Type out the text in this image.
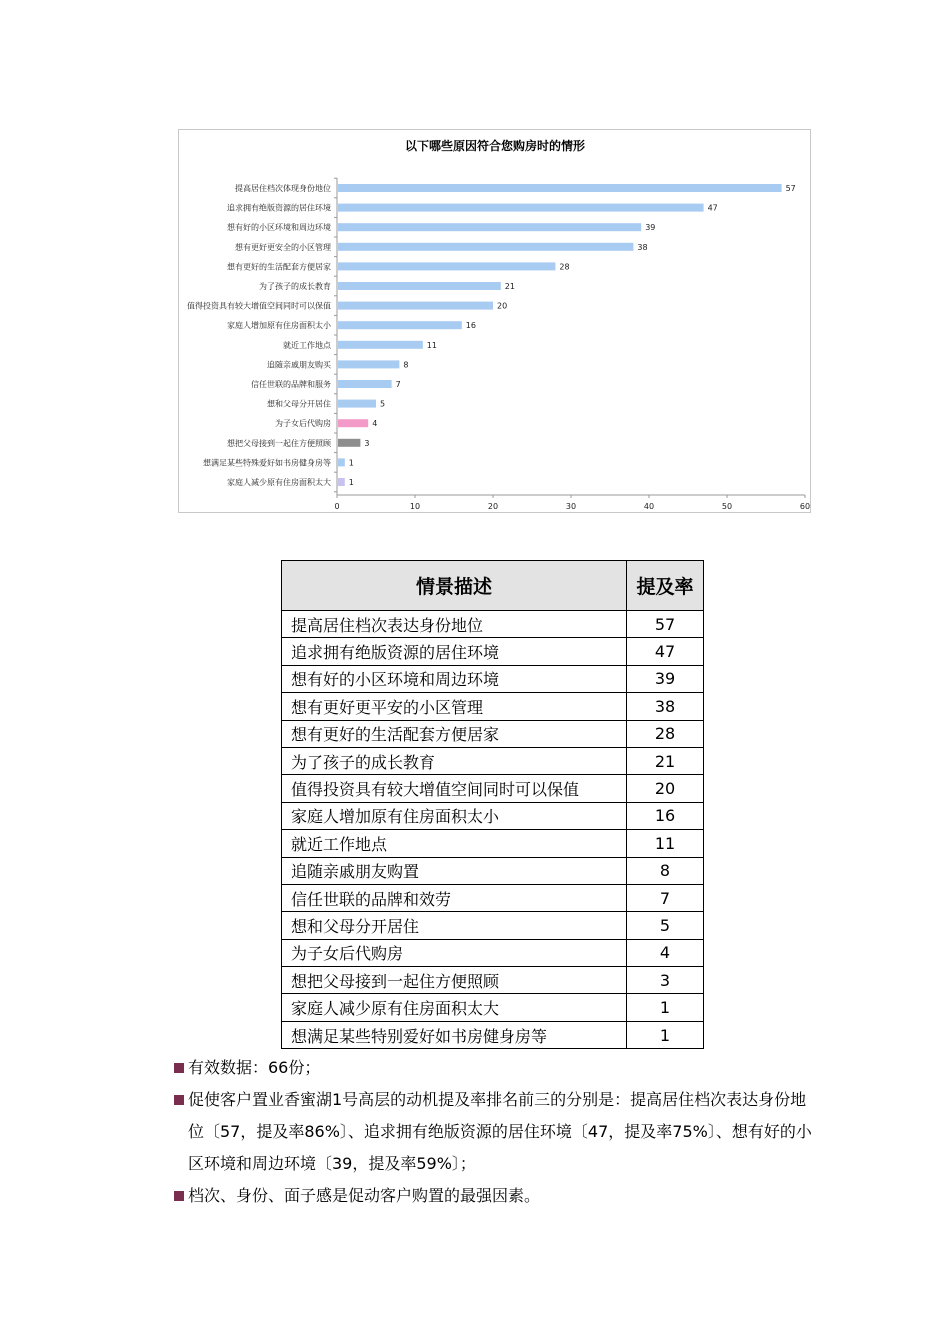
以下哪些原因符合您购房时的情形
提高居住档次体现身份地位	57
追求拥有绝版资源的居住环境	47
想有好的小区环境和周边环境	39
想有更好更安全的小区管理	38
想有更好的生活配套方便居家	28
为了孩子的成长教育	21
值得投资具有较大增值空间同时可以保值	20
家庭人增加原有住房面积太小	16
就近工作地点	11
追随亲戚朋友购买	8
信任世联的品牌和服务	7
想和父母分开居住	5
为子女后代购房	4
想把父母接到一起住方便照顾	3
想满足某些特殊爱好如书房健身房等 1
家庭人减少原有住房面积太大 1
0	10	20	30	40	50	60
情景描述	提及率
提高居住档次表达身份地位	57
追求拥有绝版资源的居住环境	47
想有好的小区环境和周边环境	39
想有更好更平安的小区管理	38
想有更好的生活配套方便居家	28
为了孩子的成长教育	21
值得投资具有较大增值空间同时可以保值	20
家庭人增加原有住房面积太小	16
就近工作地点	11
追随亲戚朋友购置	8
信任世联的品牌和效劳	7
想和父母分开居住	5
为子女后代购房	4
想把父母接到一起住方便照顾	3
家庭人减少原有住房面积太大	1
想满足某些特别爱好如书房健身房等	1
有效数据：66份；
促使客户置业香蜜湖1号高层的动机提及率排名前三的分别是：提高居住档次表达身份地位〔57，提及率86%〕、追求拥有绝版资源的居住环境〔47，提及率75%〕、想有好的小区环境和周边环境〔39，提及率59%〕；
档次、身份、面子感是促动客户购置的最强因素。
